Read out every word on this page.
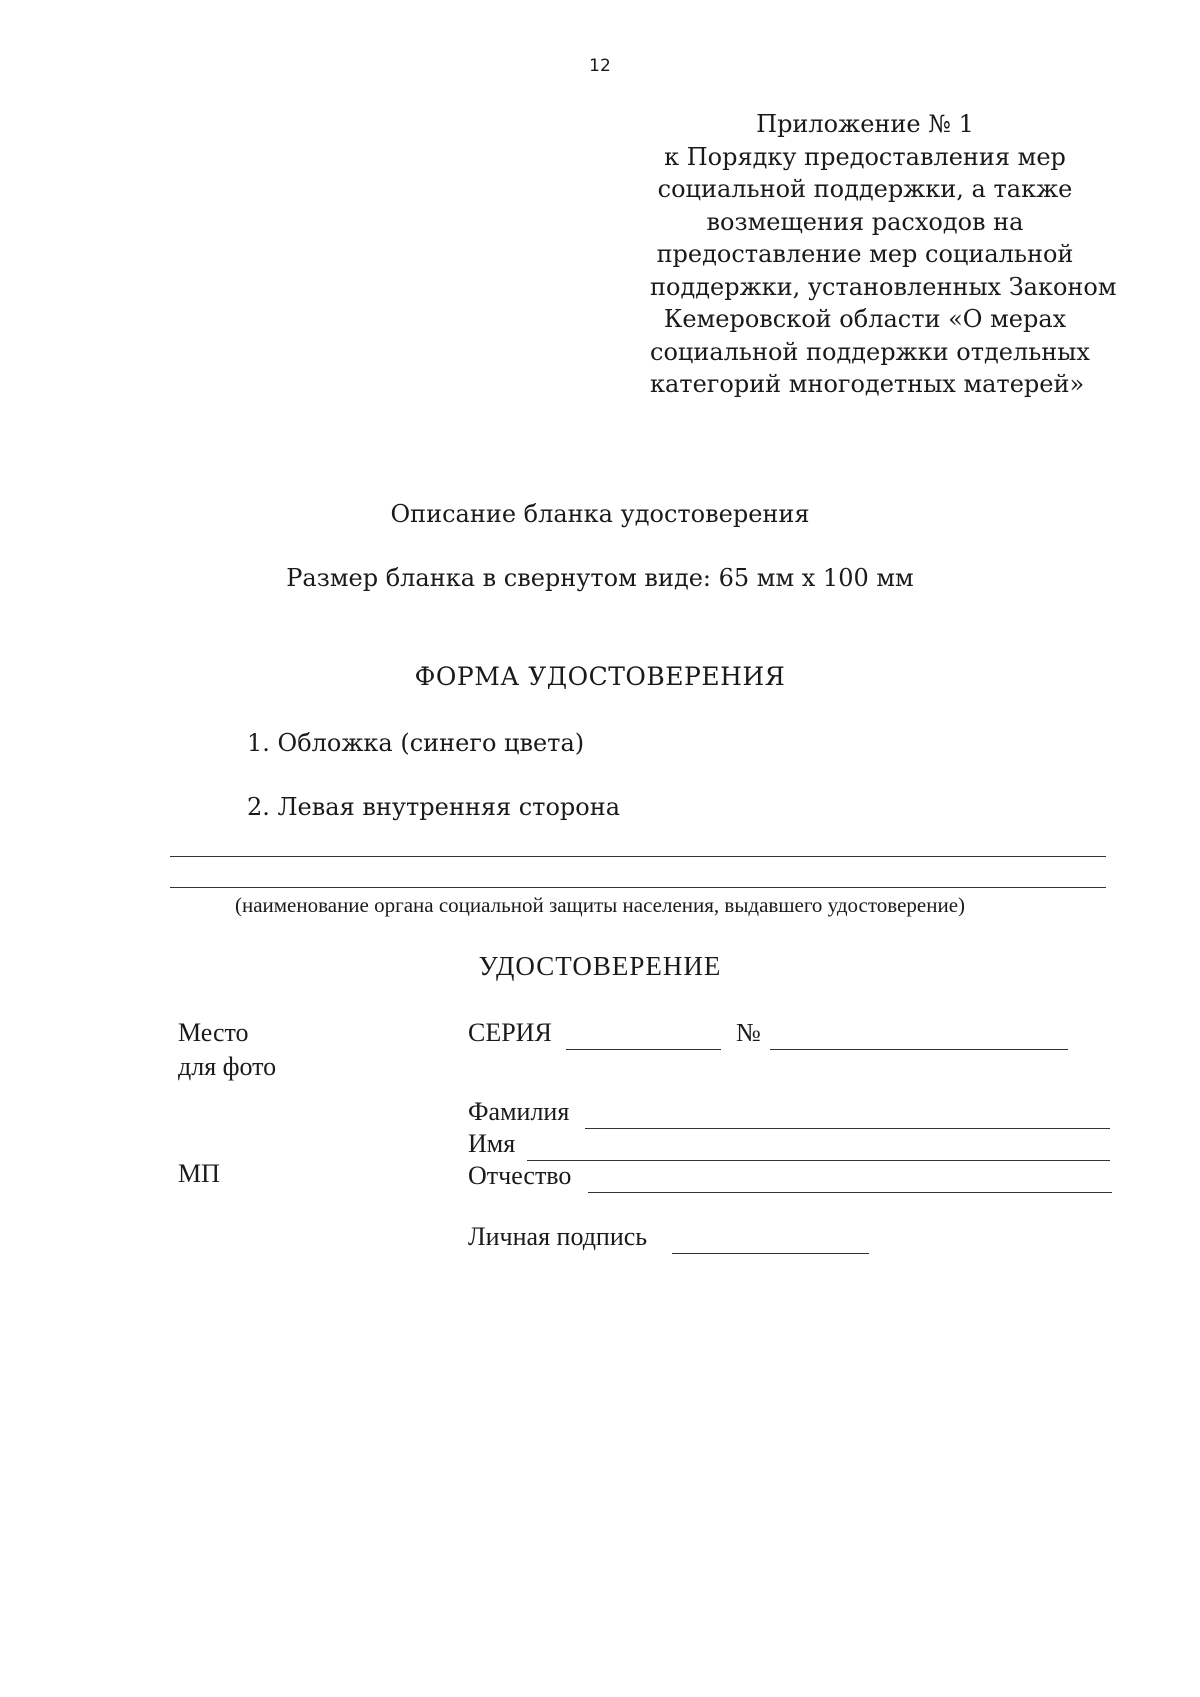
12
Приложение № 1
к Порядку предоставления мер
социальной поддержки, а также
возмещения расходов на
предоставление мер социальной
поддержки, установленных Законом
Кемеровской области «О мерах
социальной поддержки отдельных
категорий многодетных матерей»
Описание бланка удостоверения
Размер бланка в свернутом виде: 65 мм х 100 мм
ФОРМА УДОСТОВЕРЕНИЯ
1. Обложка (синего цвета)
2. Левая внутренняя сторона
(наименование органа социальной защиты населения, выдавшего удостоверение)
УДОСТОВЕРЕНИЕ
Место
для фото
МП
СЕРИЯ	№
Фамилия
Имя
Отчество
Личная подпись
